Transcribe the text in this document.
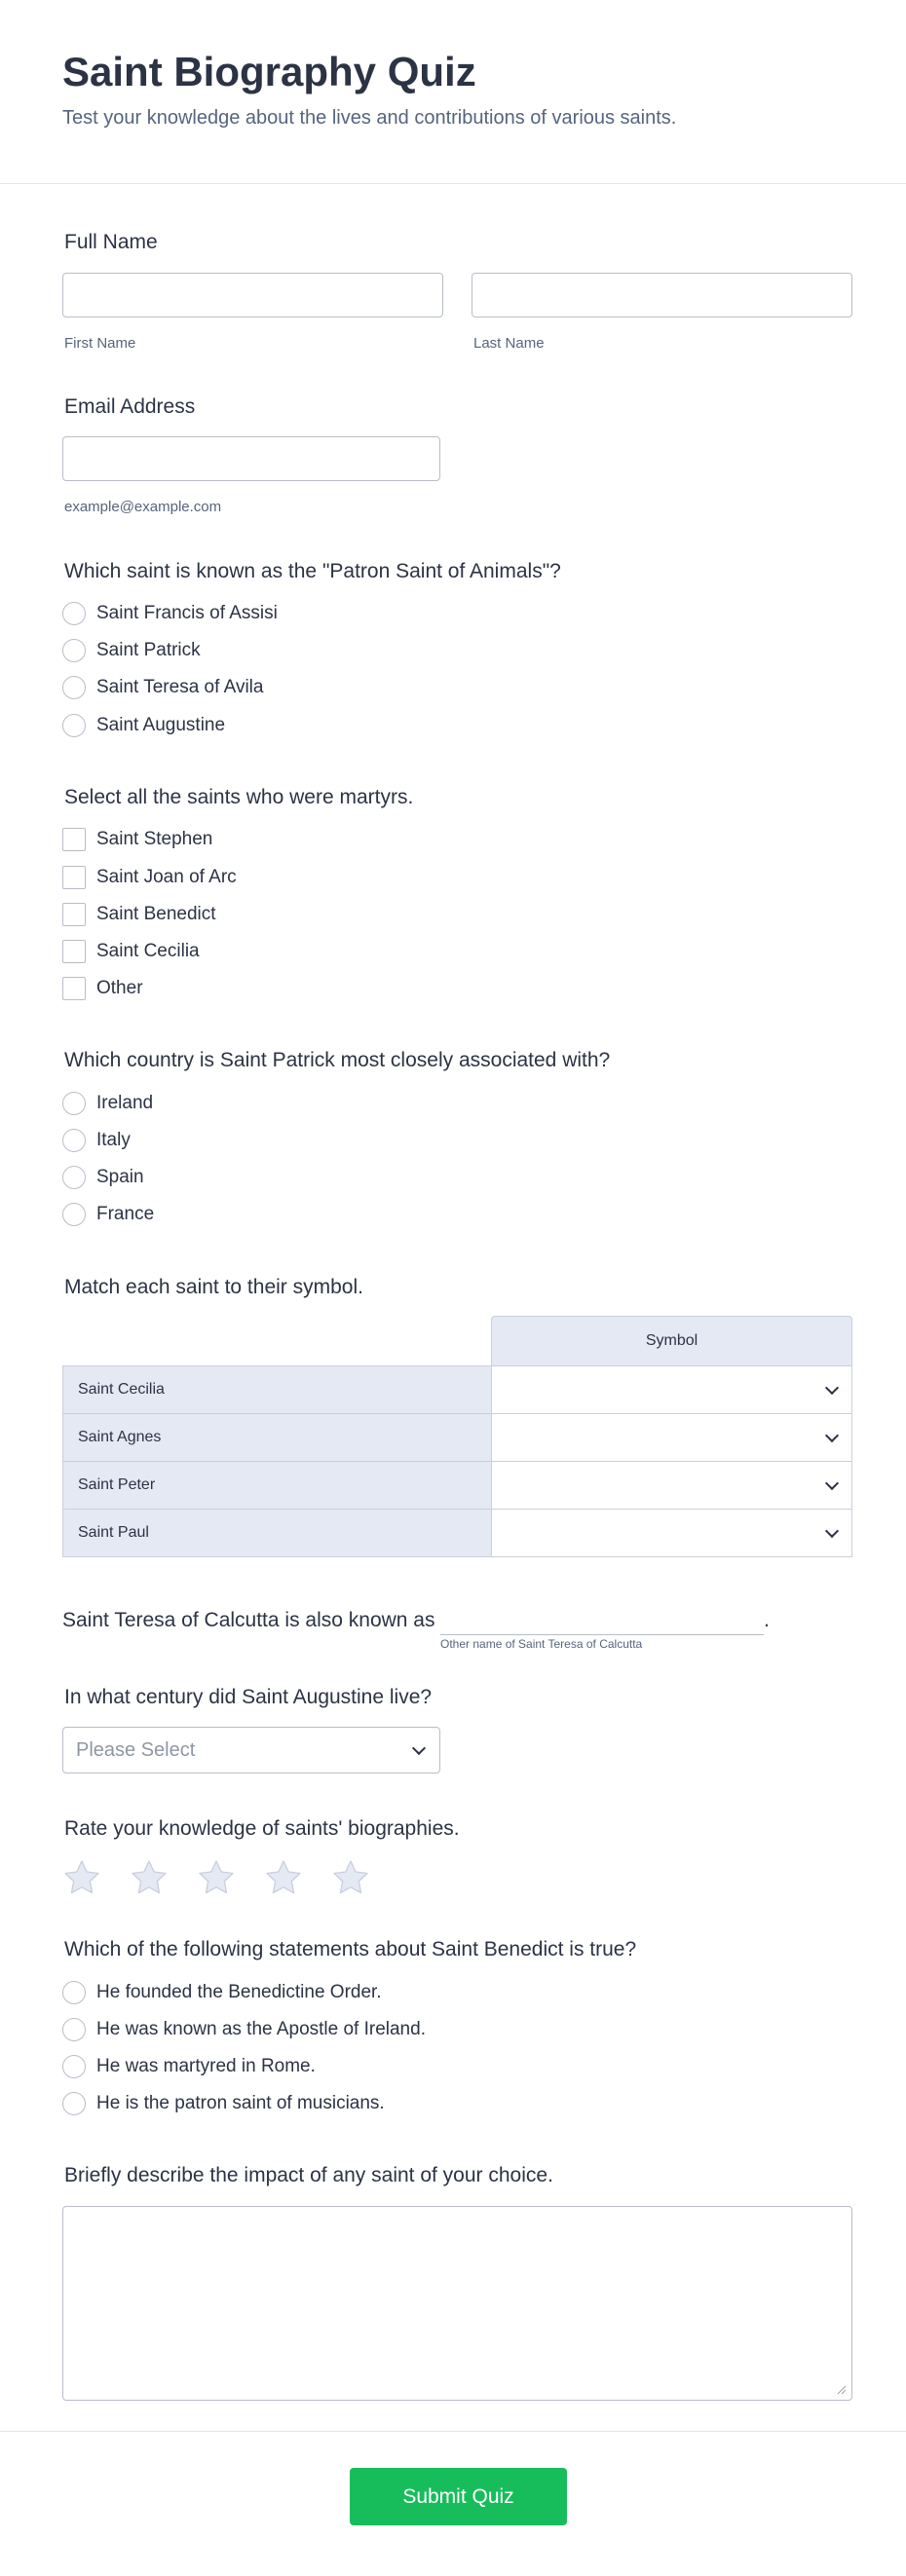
Saint Biography Quiz
Test your knowledge about the lives and contributions of various saints.
Full Name
First Name	Last Name
Email Address
example@example.com
Which saint is known as the "Patron Saint of Animals"?
Saint Francis of Assisi
Saint Patrick
Saint Teresa of Avila
Saint Augustine
Select all the saints who were martyrs.
Saint Stephen
Saint Joan of Arc
Saint Benedict
Saint Cecilia
Other
Which country is Saint Patrick most closely associated with?
Ireland
Italy
Spain
France
Match each saint to their symbol.
Symbol
Saint Cecilia
Saint Agnes
Saint Peter
Saint Paul
Saint Teresa of Calcutta is also known as	.
Other name of Saint Teresa of Calcutta
In what century did Saint Augustine live?
Please Select
Rate your knowledge of saints' biographies.
Which of the following statements about Saint Benedict is true?
He founded the Benedictine Order.
He was known as the Apostle of Ireland.
He was martyred in Rome.
He is the patron saint of musicians.
Briefly describe the impact of any saint of your choice.
Submit Quiz
